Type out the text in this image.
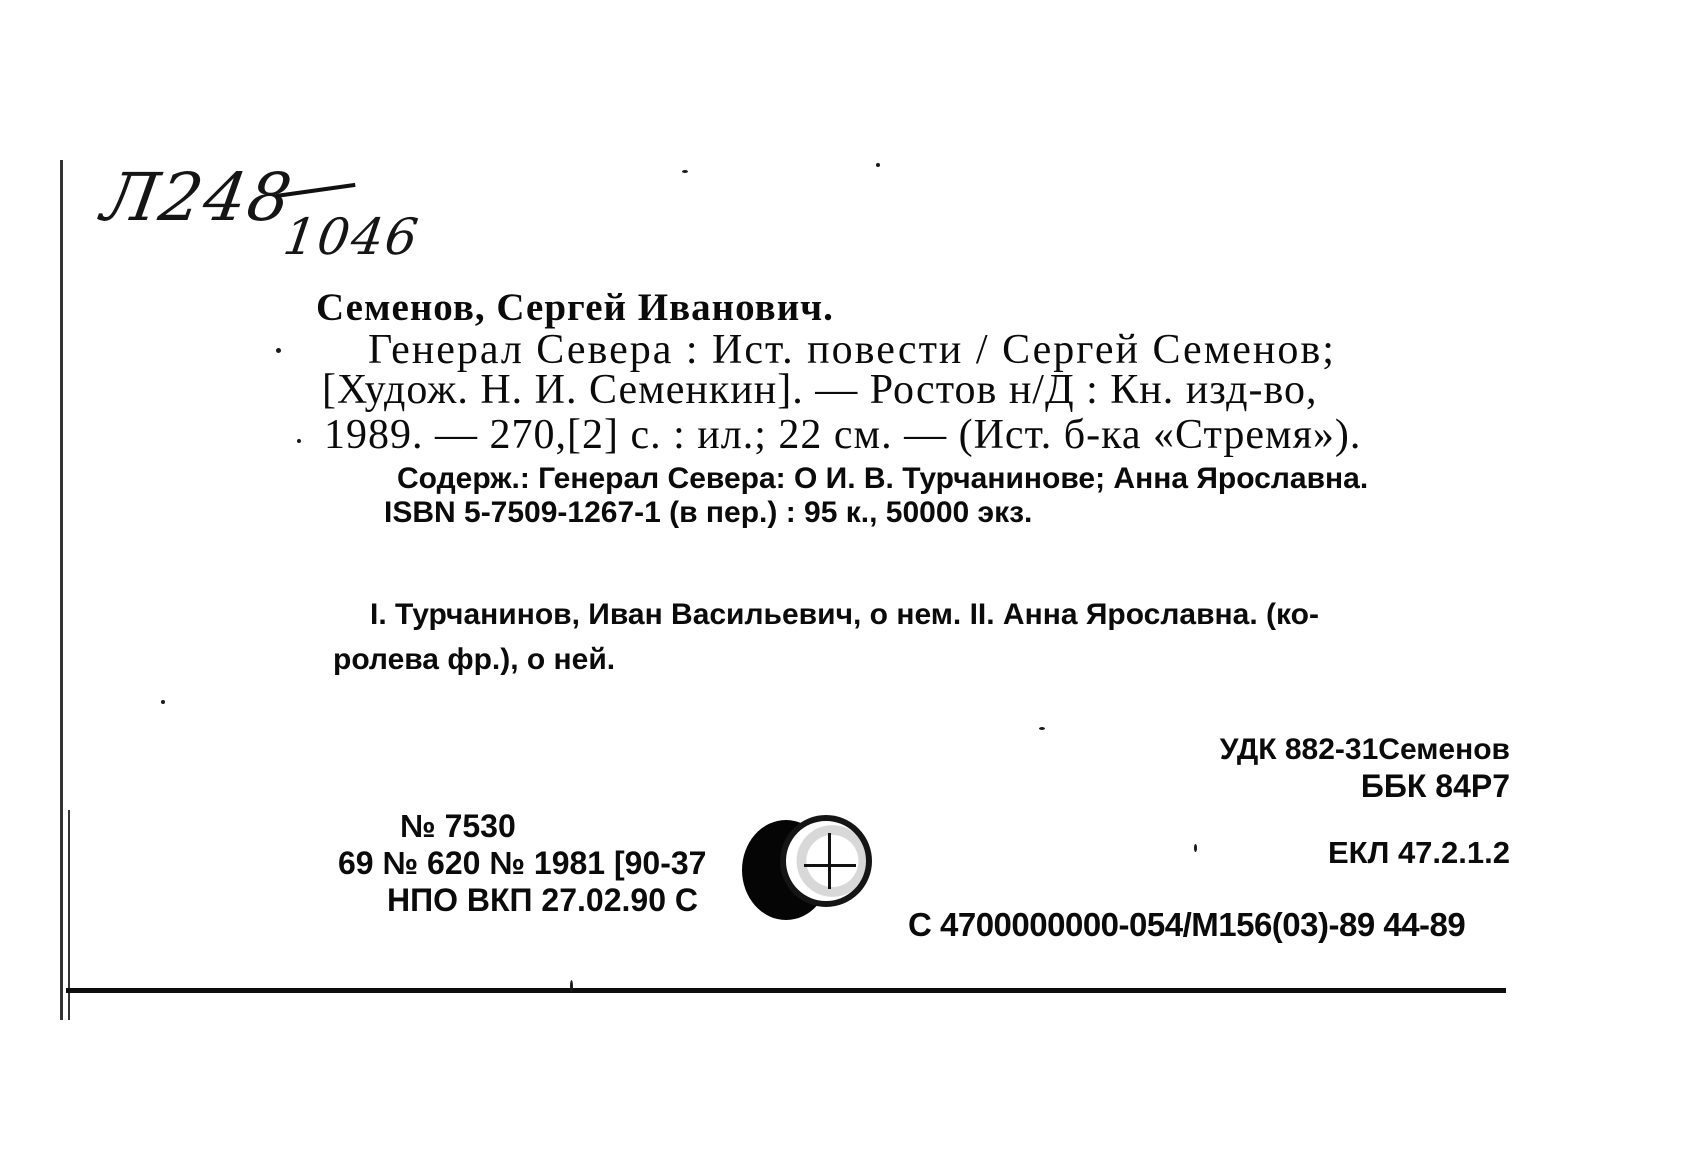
Л248
1046
Семенов, Сергей Иванович.
Генерал Севера : Ист. повести / Сергей Семенов;
[Худож. Н. И. Семенкин]. — Ростов н/Д : Кн. изд-во,
1989. — 270,[2] с. : ил.; 22 см. — (Ист. б-ка «Стремя»).
Содерж.: Генерал Севера: О И. В. Турчанинове; Анна Ярославна.
ISBN 5-7509-1267-1 (в пер.) : 95 к., 50000 экз.
I. Турчанинов, Иван Васильевич, о нем. II. Анна Ярославна. (ко-
ролева фр.), о ней.
УДК 882-31Семенов
ББК 84Р7
ЕКЛ 47.2.1.2
№ 7530
69 № 620 № 1981 [90-37
НПО ВКП 27.02.90 С
С 4700000000-054/М156(03)-89 44-89
